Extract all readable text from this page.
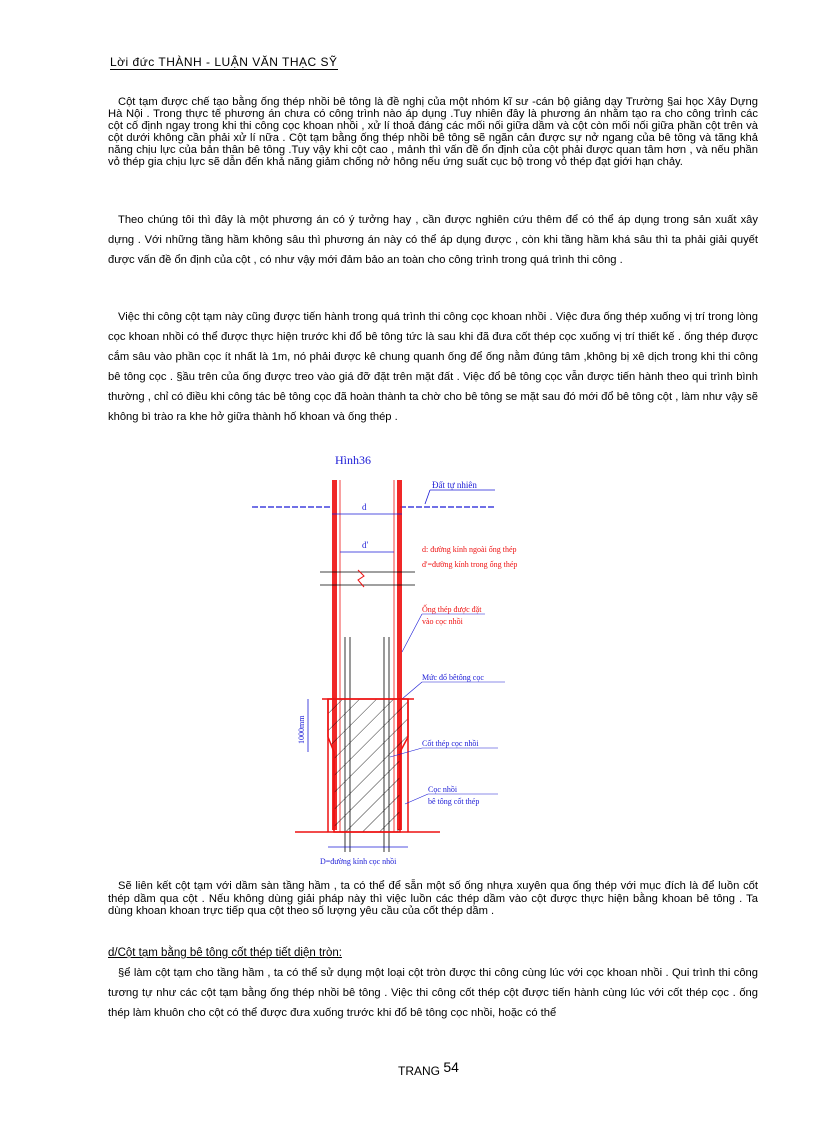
Lời đức THÀNH - LUẬN VĂN THẠC SỸ
Cột tạm được chế tạo bằng ống thép nhồi bê tông là đề nghị của một nhóm kĩ sư -cán bộ giảng dạy Trường §ai học Xây Dựng Hà Nội . Trong thực tế phương án chưa có công trình nào áp dụng .Tuy nhiên đây là phương án nhằm tạo ra cho công trình các cột cố định ngay trong khi thi công cọc khoan nhồi , xử lí thoả đáng các mối nối giữa dầm và cột còn mối nối giữa phần cột trên và cột dưới không cần phải xử lí nữa . Cột tạm bằng ống thép nhồi bê tông sẽ ngăn cản được sự nở ngang của bê tông và tăng khả năng chịu lực của bản thân bê tông .Tuy vậy khi cột cao , mảnh thì vấn đề ổn định của cột phải được quan tâm hơn , và nếu phần vỏ thép gia chịu lực sẽ dẫn đến khả năng giảm chống nở hông nếu ứng suất cục bộ trong vỏ thép đạt giới hạn chảy.
Theo chúng tôi thì đây là một phương án có ý tưởng hay , cần được nghiên cứu thêm để có thể áp dụng trong sản xuất xây dựng . Với những tầng hầm không sâu thì phương án này có thể áp dụng được , còn khi tầng hầm khá sâu thì ta phải giải quyết được vấn đề ổn định của cột , có như vậy mới đảm bảo an toàn cho công trình trong quá trình thi công .
Việc thi công cột tạm này cũng được tiến hành trong quá trình thi công cọc khoan nhồi . Việc đưa ống thép xuống vị trí trong lòng cọc khoan nhồi có thể được thực hiện trước khi đổ bê tông tức là sau khi đã đưa cốt thép cọc xuống vị trí thiết kế . ống thép được cắm sâu vào phần cọc ít nhất là 1m, nó phải được kê chung quanh ống để ống nằm đúng tâm ,không bị xê dịch trong khi thi công bê tông cọc . §ầu trên của ống được treo vào giá đỡ đặt trên mặt đất . Việc đổ bê tông cọc vẫn được tiến hành theo qui trình bình thường , chỉ có điều khi công tác bê tông cọc đã hoàn thành ta chờ cho bê tông se mặt sau đó mới đổ bê tông cột , làm như vậy sẽ không bì trào ra khe hở giữa thành hố khoan và ống thép .
Hình36
Đất tự nhiên
d
d'	d: đường kính ngoài ống thép
d'=đường kính trong ống thép
Ống thép được đặt
vào cọc nhồi
Mức đổ bêtông cọc
1000mm	Cốt thép cọc nhồi
Cọc nhồi
bê tông cốt thép
D=đường kính cọc nhồi
Sẽ liên kết cột tạm với dầm sàn tầng hầm , ta có thể để sẵn một số ống nhựa xuyên qua ống thép với mục đích là để luồn cốt thép dầm qua cột . Nếu không dùng giải pháp này thì việc luồn các thép dầm vào cột được thực hiện bằng khoan bê tông . Ta dùng khoan khoan trực tiếp qua cột theo số lượng yêu cầu của cốt thép dầm .
d/Cột tạm bằng bê tông cốt thép tiết diện tròn:
§ể làm cột tạm cho tầng hầm , ta có thể sử dụng một loại cột tròn được thi công cùng lúc với cọc khoan nhồi . Qui trình thi công tương tự như các cột tạm bằng ống thép nhồi bê tông . Việc thi công cốt thép cột được tiến hành cùng lúc với cốt thép cọc . ống thép làm khuôn cho cột có thể được đưa xuống trước khi đổ bê tông cọc nhồi, hoặc có thể
TRANG 54
